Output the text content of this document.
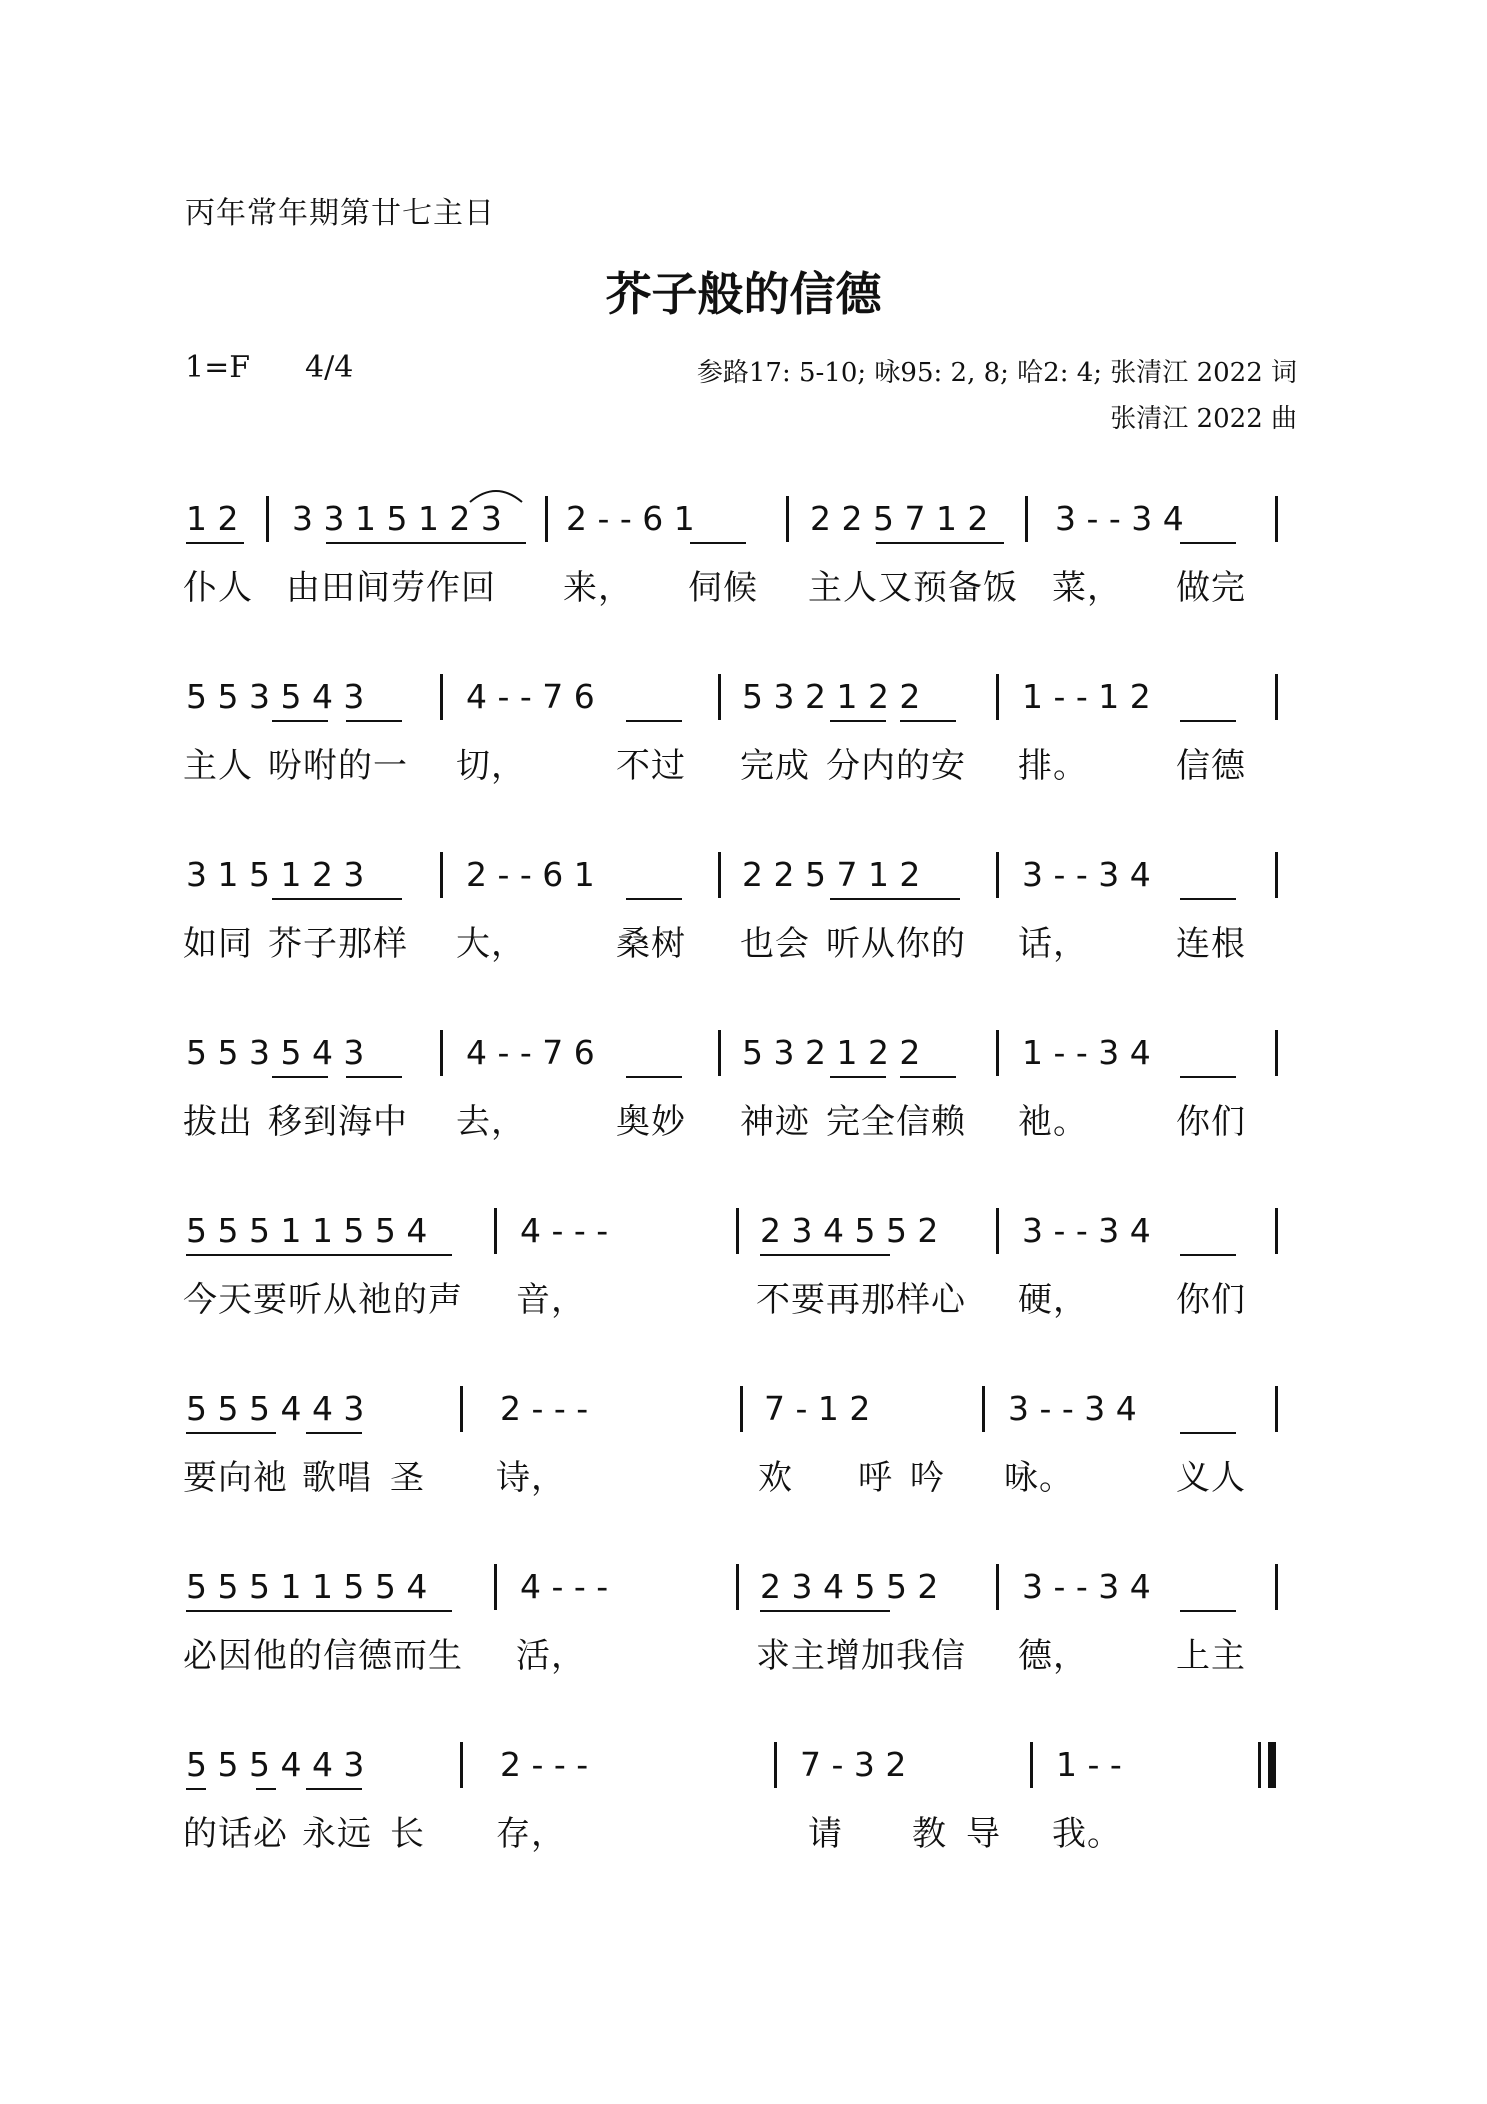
丙年常年期第廿七主日
芥子般的信德
1=F 4/4	参路17: 5-10; 咏95: 2, 8; 哈2: 4; 张清江 2022 词
张清江 2022 曲
1 2 3 3 1 5 1 2 3 2 - - 6 1	2 2 5 7 1 2 3 - - 3 4
仆人 由田间劳作回 来， 伺候 主人又预备饭 菜， 做完
5 5 3 5 4 3	4 - - 7 6	5 3 2 1 2 2	1 - - 1 2
主人 吩咐的一 切，	不过 完成 分内的安 排。	信德
3 1 5 1 2 3	2 - - 6 1	2 2 5 7 1 2	3 - - 3 4
如同 芥子那样 大，	桑树 也会 听从你的 话，	连根
5 5 3 5 4 3	4 - - 7 6	5 3 2 1 2 2	1 - - 3 4
拔出 移到海中 去，	奥妙 神迹 完全信赖 祂。	你们
5 5 5 1 1 5 5 4	4 - - -	2 3 4 5 5 2	3 - - 3 4
今天要听从祂的声 音，	不要再那样心 硬，	你们
5 5 5 4 4 3	2 - - -	7 - 1 2	3 - - 3 4
要向祂 歌唱 圣 诗，	欢 呼 吟 咏。	义人
5 5 5 1 1 5 5 4	4 - - -	2 3 4 5 5 2	3 - - 3 4
必因他的信德而生 活，	求主增加我信 德，	上主
5 5 5 4 4 3	2 - - -	7 - 3 2	1 - -
的话必 永远 长 存，	请 教 导 我。
